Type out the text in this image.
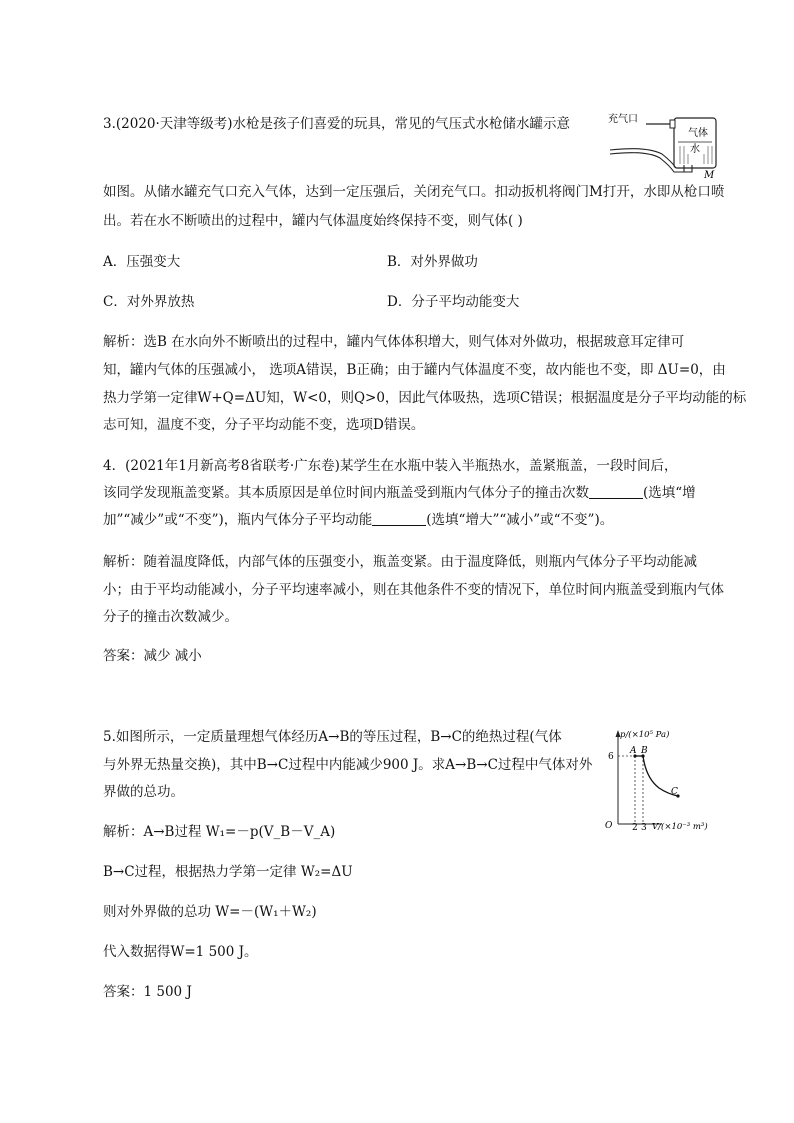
3.(2020·天津等级考)水枪是孩子们喜爱的玩具，常见的气压式水枪储水罐示意	充气口
气体
水
M
如图。从储水罐充气口充入气体，达到一定压强后，关闭充气口。扣动扳机将阀门M打开，水即从枪口喷
出。若在水不断喷出的过程中，罐内气体温度始终保持不变，则气体( )
A．压强变大	B．对外界做功
C．对外界放热	D．分子平均动能变大
解析：选B 在水向外不断喷出的过程中，罐内气体体积增大，则气体对外做功，根据玻意耳定律可
知，罐内气体的压强减小， 选项A错误，B正确；由于罐内气体温度不变，故内能也不变，即 ΔU=0，由
热力学第一定律W+Q=ΔU知，W<0，则Q>0，因此气体吸热，选项C错误；根据温度是分子平均动能的标
志可知，温度不变，分子平均动能不变，选项D错误。
4．(2021年1月新高考8省联考·广东卷)某学生在水瓶中装入半瓶热水，盖紧瓶盖，一段时间后，
该同学发现瓶盖变紧。其本质原因是单位时间内瓶盖受到瓶内气体分子的撞击次数	(选填“增
加”“减少”或“不变”)，瓶内气体分子平均动能	(选填“增大”“减小”或“不变”)。
解析：随着温度降低，内部气体的压强变小，瓶盖变紧。由于温度降低，则瓶内气体分子平均动能减
小；由于平均动能减小，分子平均速率减小，则在其他条件不变的情况下，单位时间内瓶盖受到瓶内气体
分子的撞击次数减少。
答案：减少 减小
5.如图所示，一定质量理想气体经历A→B的等压过程，B→C的绝热过程(气体
与外界无热量交换)，其中B→C过程中内能减少900 J。求A→B→C过程中气体对外
界做的总功。
p/(×10⁵ Pa)
V/(×10⁻³ m³)
O
6
A B
C
2 3
解析：A→B过程 W₁=－p(V_B－V_A)
B→C过程，根据热力学第一定律 W₂=ΔU
则对外界做的总功 W=－(W₁＋W₂)
代入数据得W=1 500 J。
答案：1 500 J
